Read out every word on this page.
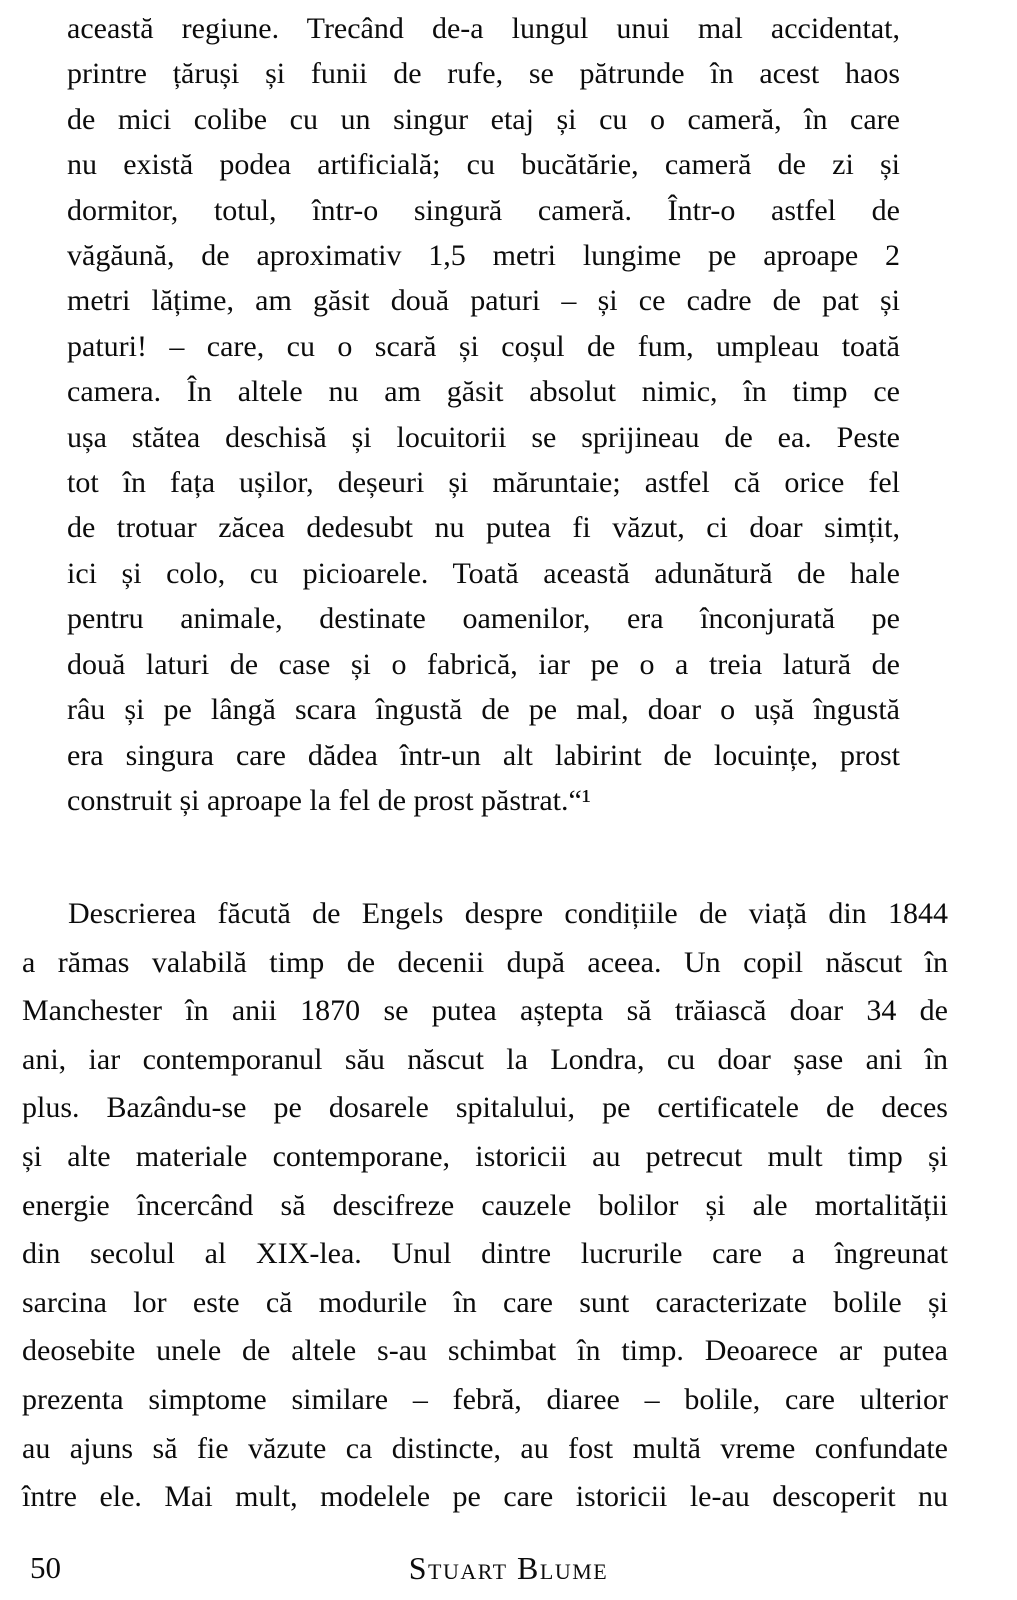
această regiune. Trecând de-a lungul unui mal accidentat,
printre țăruși și funii de rufe, se pătrunde în acest haos
de mici colibe cu un singur etaj și cu o cameră, în care
nu există podea artificială; cu bucătărie, cameră de zi și
dormitor, totul, într-o singură cameră. Într-o astfel de
văgăună, de aproximativ 1,5 metri lungime pe aproape 2
metri lățime, am găsit două paturi – și ce cadre de pat și
paturi! – care, cu o scară și coșul de fum, umpleau toată
camera. În altele nu am găsit absolut nimic, în timp ce
ușa stătea deschisă și locuitorii se sprijineau de ea. Peste
tot în fața ușilor, deșeuri și măruntaie; astfel că orice fel
de trotuar zăcea dedesubt nu putea fi văzut, ci doar simțit,
ici și colo, cu picioarele. Toată această adunătură de hale
pentru animale, destinate oamenilor, era înconjurată pe
două laturi de case și o fabrică, iar pe o a treia latură de
râu și pe lângă scara îngustă de pe mal, doar o ușă îngustă
era singura care dădea într-un alt labirint de locuințe, prost
construit și aproape la fel de prost păstrat.“¹
Descrierea făcută de Engels despre condițiile de viață din 1844
a rămas valabilă timp de decenii după aceea. Un copil născut în
Manchester în anii 1870 se putea aștepta să trăiască doar 34 de
ani, iar contemporanul său născut la Londra, cu doar șase ani în
plus. Bazându-se pe dosarele spitalului, pe certificatele de deces
și alte materiale contemporane, istoricii au petrecut mult timp și
energie încercând să descifreze cauzele bolilor și ale mortalității
din secolul al XIX-lea. Unul dintre lucrurile care a îngreunat
sarcina lor este că modurile în care sunt caracterizate bolile și
deosebite unele de altele s-au schimbat în timp. Deoarece ar putea
prezenta simptome similare – febră, diaree – bolile, care ulterior
au ajuns să fie văzute ca distincte, au fost multă vreme confundate
între ele. Mai mult, modelele pe care istoricii le-au descoperit nu
50	Stuart Blume
